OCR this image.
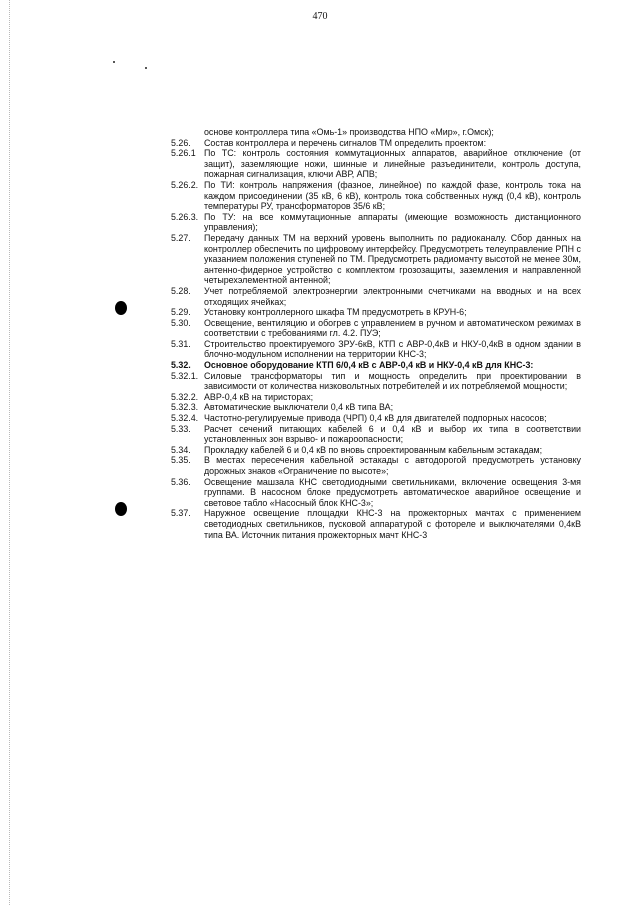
470
основе контроллера типа «Омь-1» производства НПО «Мир», г.Омск);
5.26. Состав контроллера и перечень сигналов ТМ определить проектом:
5.26.1 По ТС: контроль состояния коммутационных аппаратов, аварийное отключение (от защит), заземляющие ножи, шинные и линейные разъединители, контроль доступа, пожарная сигнализация, ключи АВР, АПВ;
5.26.2. По ТИ: контроль напряжения (фазное, линейное) по каждой фазе, контроль тока на каждом присоединении (35 кВ, 6 кВ), контроль тока собственных нужд (0,4 кВ), контроль температуры РУ, трансформаторов 35/6 кВ;
5.26.3. По ТУ: на все коммутационные аппараты (имеющие возможность дистанционного управления);
5.27. Передачу данных ТМ на верхний уровень выполнить по радиоканалу. Сбор данных на контроллер обеспечить по цифровому интерфейсу. Предусмотреть телеуправление РПН с указанием положения ступеней по ТМ. Предусмотреть радиомачту высотой не менее 30м, антенно-фидерное устройство с комплектом грозозащиты, заземления и направленной четырехэлементной антенной;
5.28. Учет потребляемой электроэнергии электронными счетчиками на вводных и на всех отходящих ячейках;
5.29. Установку контроллерного шкафа ТМ предусмотреть в КРУН-6;
5.30. Освещение, вентиляцию и обогрев с управлением в ручном и автоматическом режимах в соответствии с требованиями гл. 4.2. ПУЭ;
5.31. Строительство проектируемого ЗРУ-6кВ, КТП с АВР-0,4кВ и НКУ-0,4кВ в одном здании в блочно-модульном исполнении на территории КНС-3;
5.32. Основное оборудование КТП 6/0,4 кВ с АВР-0,4 кВ и НКУ-0,4 кВ для КНС-3:
5.32.1. Силовые трансформаторы тип и мощность определить при проектировании в зависимости от количества низковольтных потребителей и их потребляемой мощности;
5.32.2. АВР-0,4 кВ на тиристорах;
5.32.3. Автоматические выключатели 0,4 кВ типа ВА;
5.32.4. Частотно-регулируемые привода (ЧРП) 0,4 кВ для двигателей подпорных насосов;
5.33. Расчет сечений питающих кабелей 6 и 0,4 кВ и выбор их типа в соответствии установленных зон взрыво- и пожароопасности;
5.34. Прокладку кабелей 6 и 0,4 кВ по вновь спроектированным кабельным эстакадам;
5.35. В местах пересечения кабельной эстакады с автодорогой предусмотреть установку дорожных знаков «Ограничение по высоте»;
5.36. Освещение машзала КНС светодиодными светильниками, включение освещения 3-мя группами. В насосном блоке предусмотреть автоматическое аварийное освещение и световое табло «Насосный блок КНС-3»;
5.37. Наружное освещение площадки КНС-3 на прожекторных мачтах с применением светодиодных светильников, пусковой аппаратурой с фотореле и выключателями 0,4кВ типа ВА. Источник питания прожекторных мачт КНС-3
